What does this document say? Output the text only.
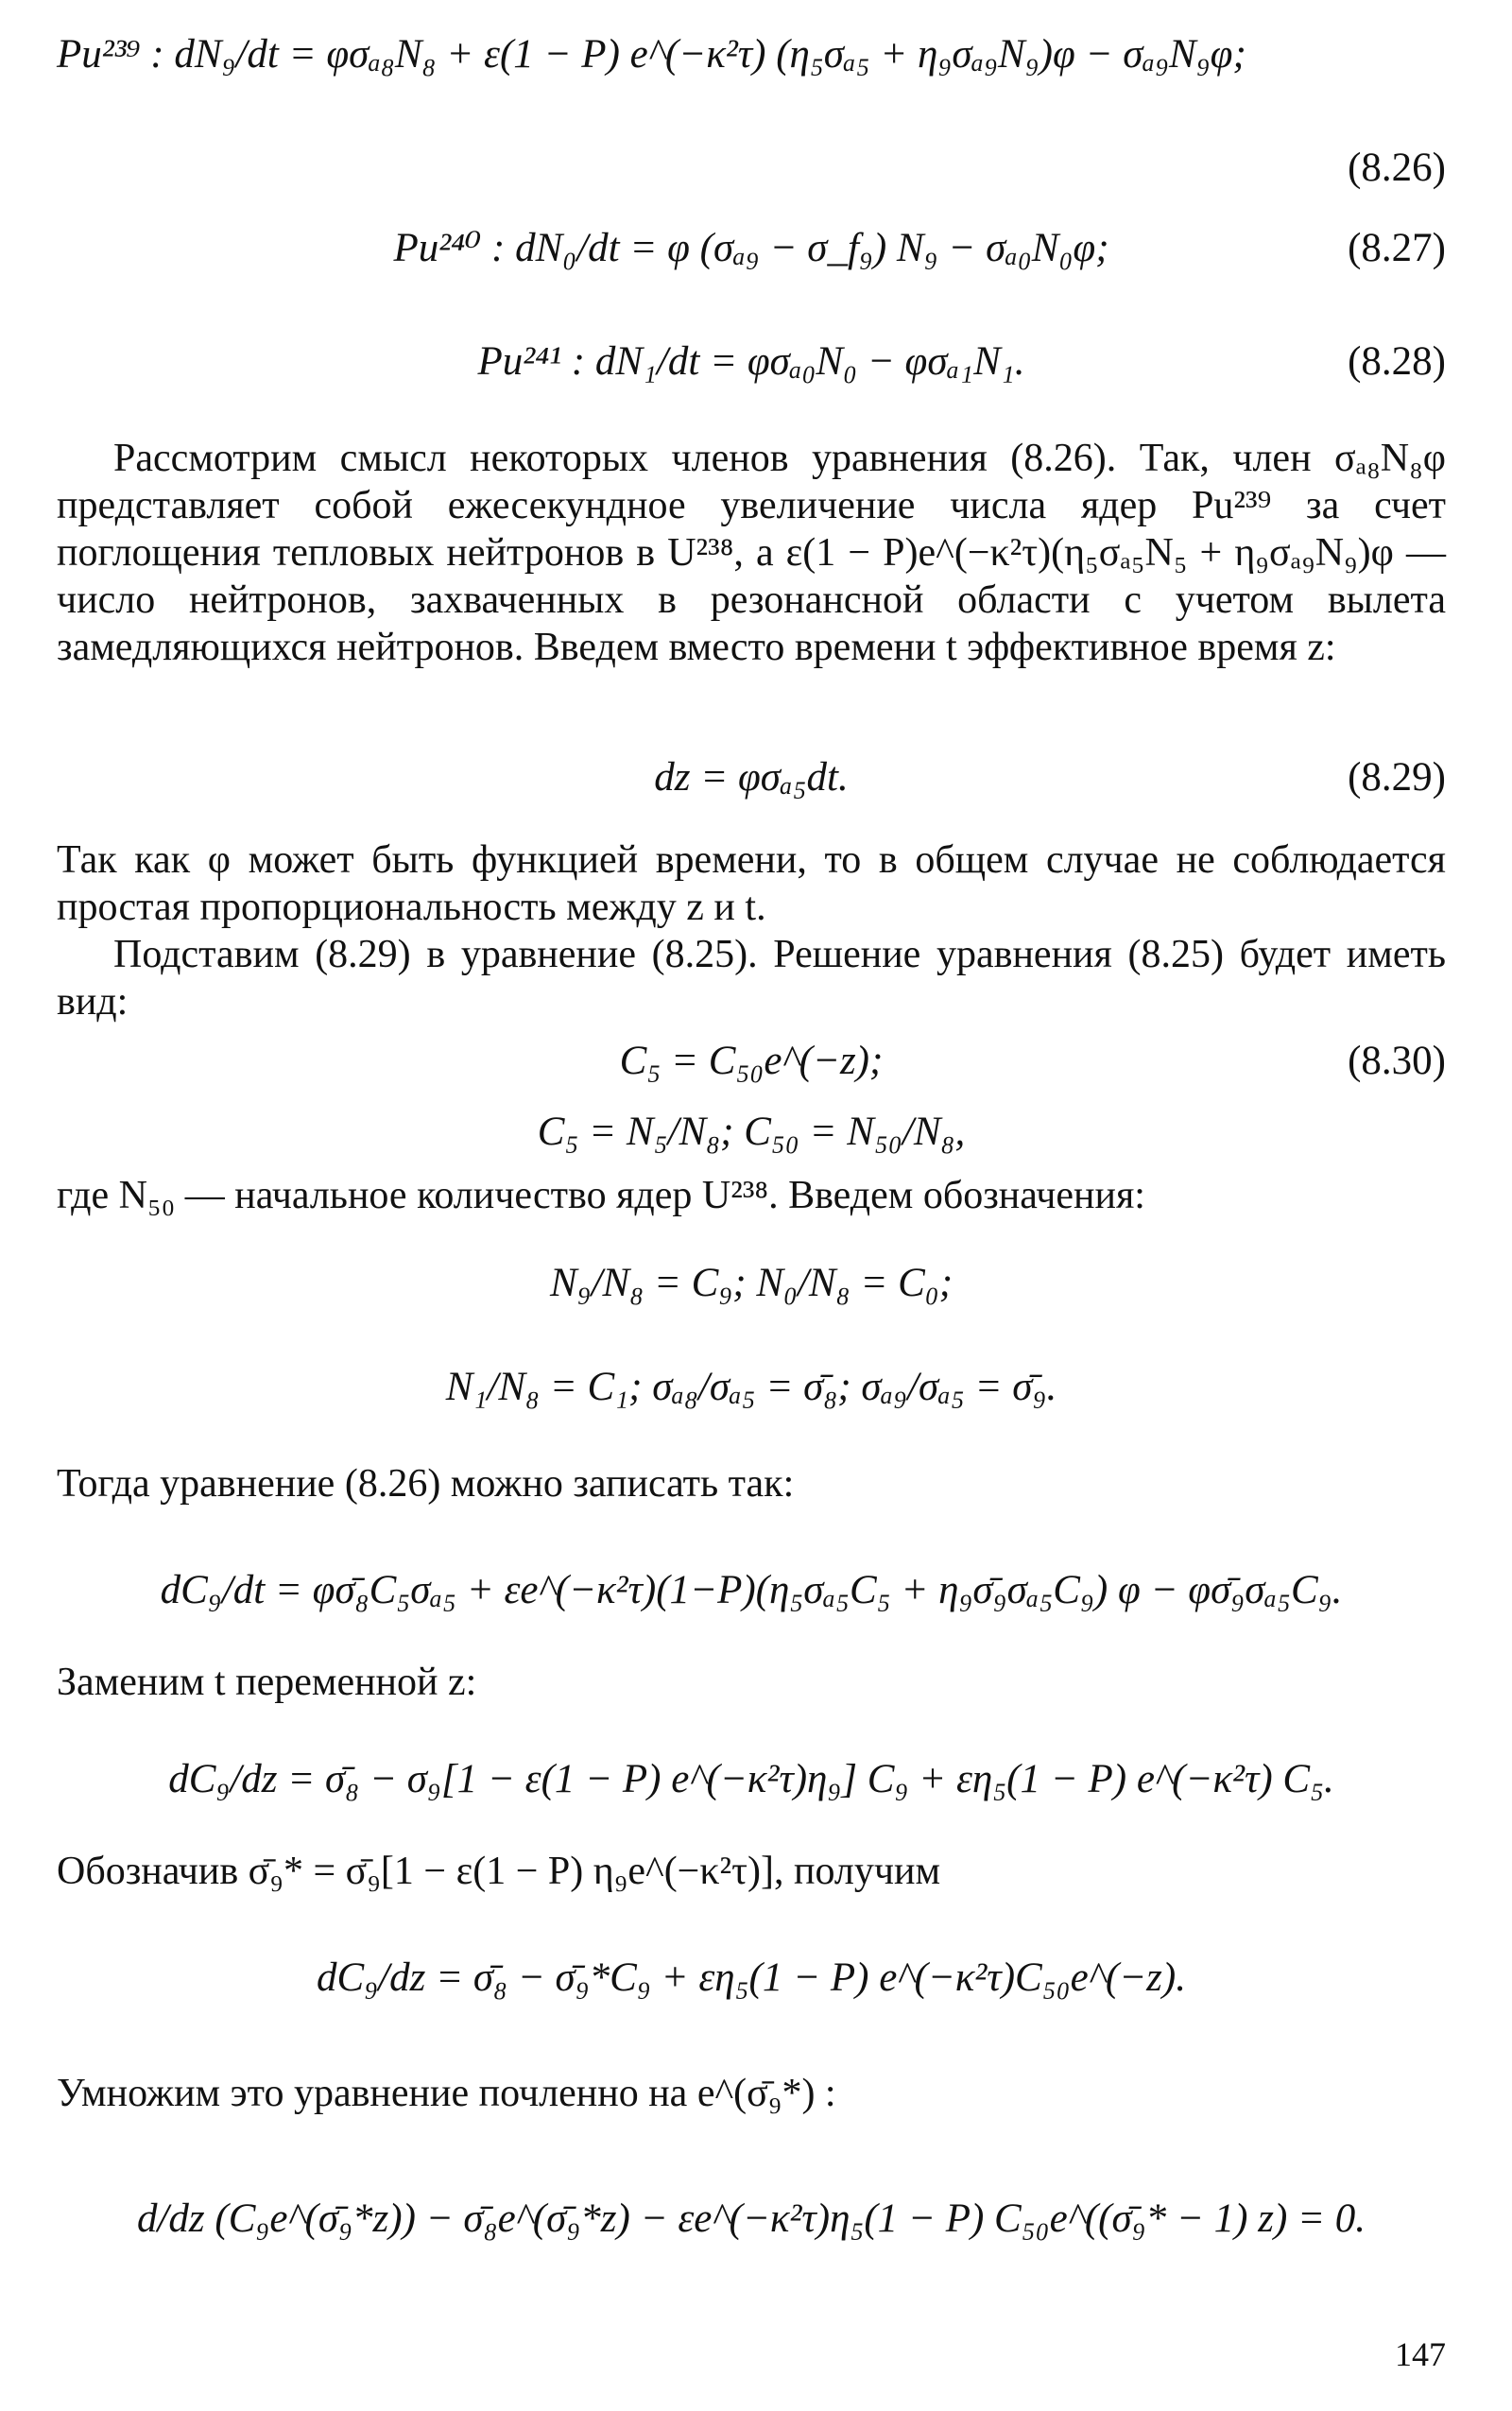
Pu²³⁹ : dN₉/dt = φσₐ₈N₈ + ε(1 − P) e^(−κ²τ) (η₅σₐ₅ + η₉σₐ₉N₉)φ − σₐ₉N₉φ;
(8.26)
Pu²⁴⁰ : dN₀/dt = φ (σₐ₉ − σ_f₉) N₉ − σₐ₀N₀φ;	(8.27)
Pu²⁴¹ : dN₁/dt = φσₐ₀N₀ − φσₐ₁N₁.	(8.28)

Рассмотрим смысл некоторых членов уравнения (8.26). Так, член σₐ₈N₈φ представляет собой ежесекундное увеличение числа ядер Pu²³⁹ за счет поглощения тепловых нейтронов в U²³⁸, а ε(1 − P)e^(−κ²τ)(η₅σₐ₅N₅ + η₉σₐ₉N₉)φ — число нейтронов, захваченных в резонансной области с учетом вылета замедляющихся нейтронов. Введем вместо времени t эффективное время z:

dz = φσₐ₅dt.	(8.29)

Так как φ может быть функцией времени, то в общем случае не соблюдается простая пропорциональность между z и t.

Подставим (8.29) в уравнение (8.25). Решение уравнения (8.25) будет иметь вид:

C₅ = C₅₀e^(−z);	(8.30)
C₅ = N₅/N₈; C₅₀ = N₅₀/N₈,

где N₅₀ — начальное количество ядер U²³⁸. Введем обозначения:

N₉/N₈ = C₉; N₀/N₈ = C₀;
N₁/N₈ = C₁; σₐ₈/σₐ₅ = σ̄₈; σₐ₉/σₐ₅ = σ̄₉.

Тогда уравнение (8.26) можно записать так:

dC₉/dt = φσ̄₈C₅σₐ₅ + εe^(−κ²τ)(1−P)(η₅σₐ₅C₅ + η₉σ̄₉σₐ₅C₉) φ − φσ̄₉σₐ₅C₉.

Заменим t переменной z:

dC₉/dz = σ̄₈ − σ₉[1 − ε(1 − P) e^(−κ²τ)η₉] C₉ + εη₅(1 − P) e^(−κ²τ) C₅.

Обозначив σ̄₉* = σ̄₉[1 − ε(1 − P) η₉e^(−κ²τ)], получим

dC₉/dz = σ̄₈ − σ̄₉*C₉ + εη₅(1 − P) e^(−κ²τ)C₅₀e^(−z).

Умножим это уравнение почленно на e^(σ̄₉*) :

d/dz (C₉e^(σ̄₉*z)) − σ̄₈e^(σ̄₉*z) − εe^(−κ²τ)η₅(1 − P) C₅₀e^((σ̄₉* − 1) z) = 0.
147
